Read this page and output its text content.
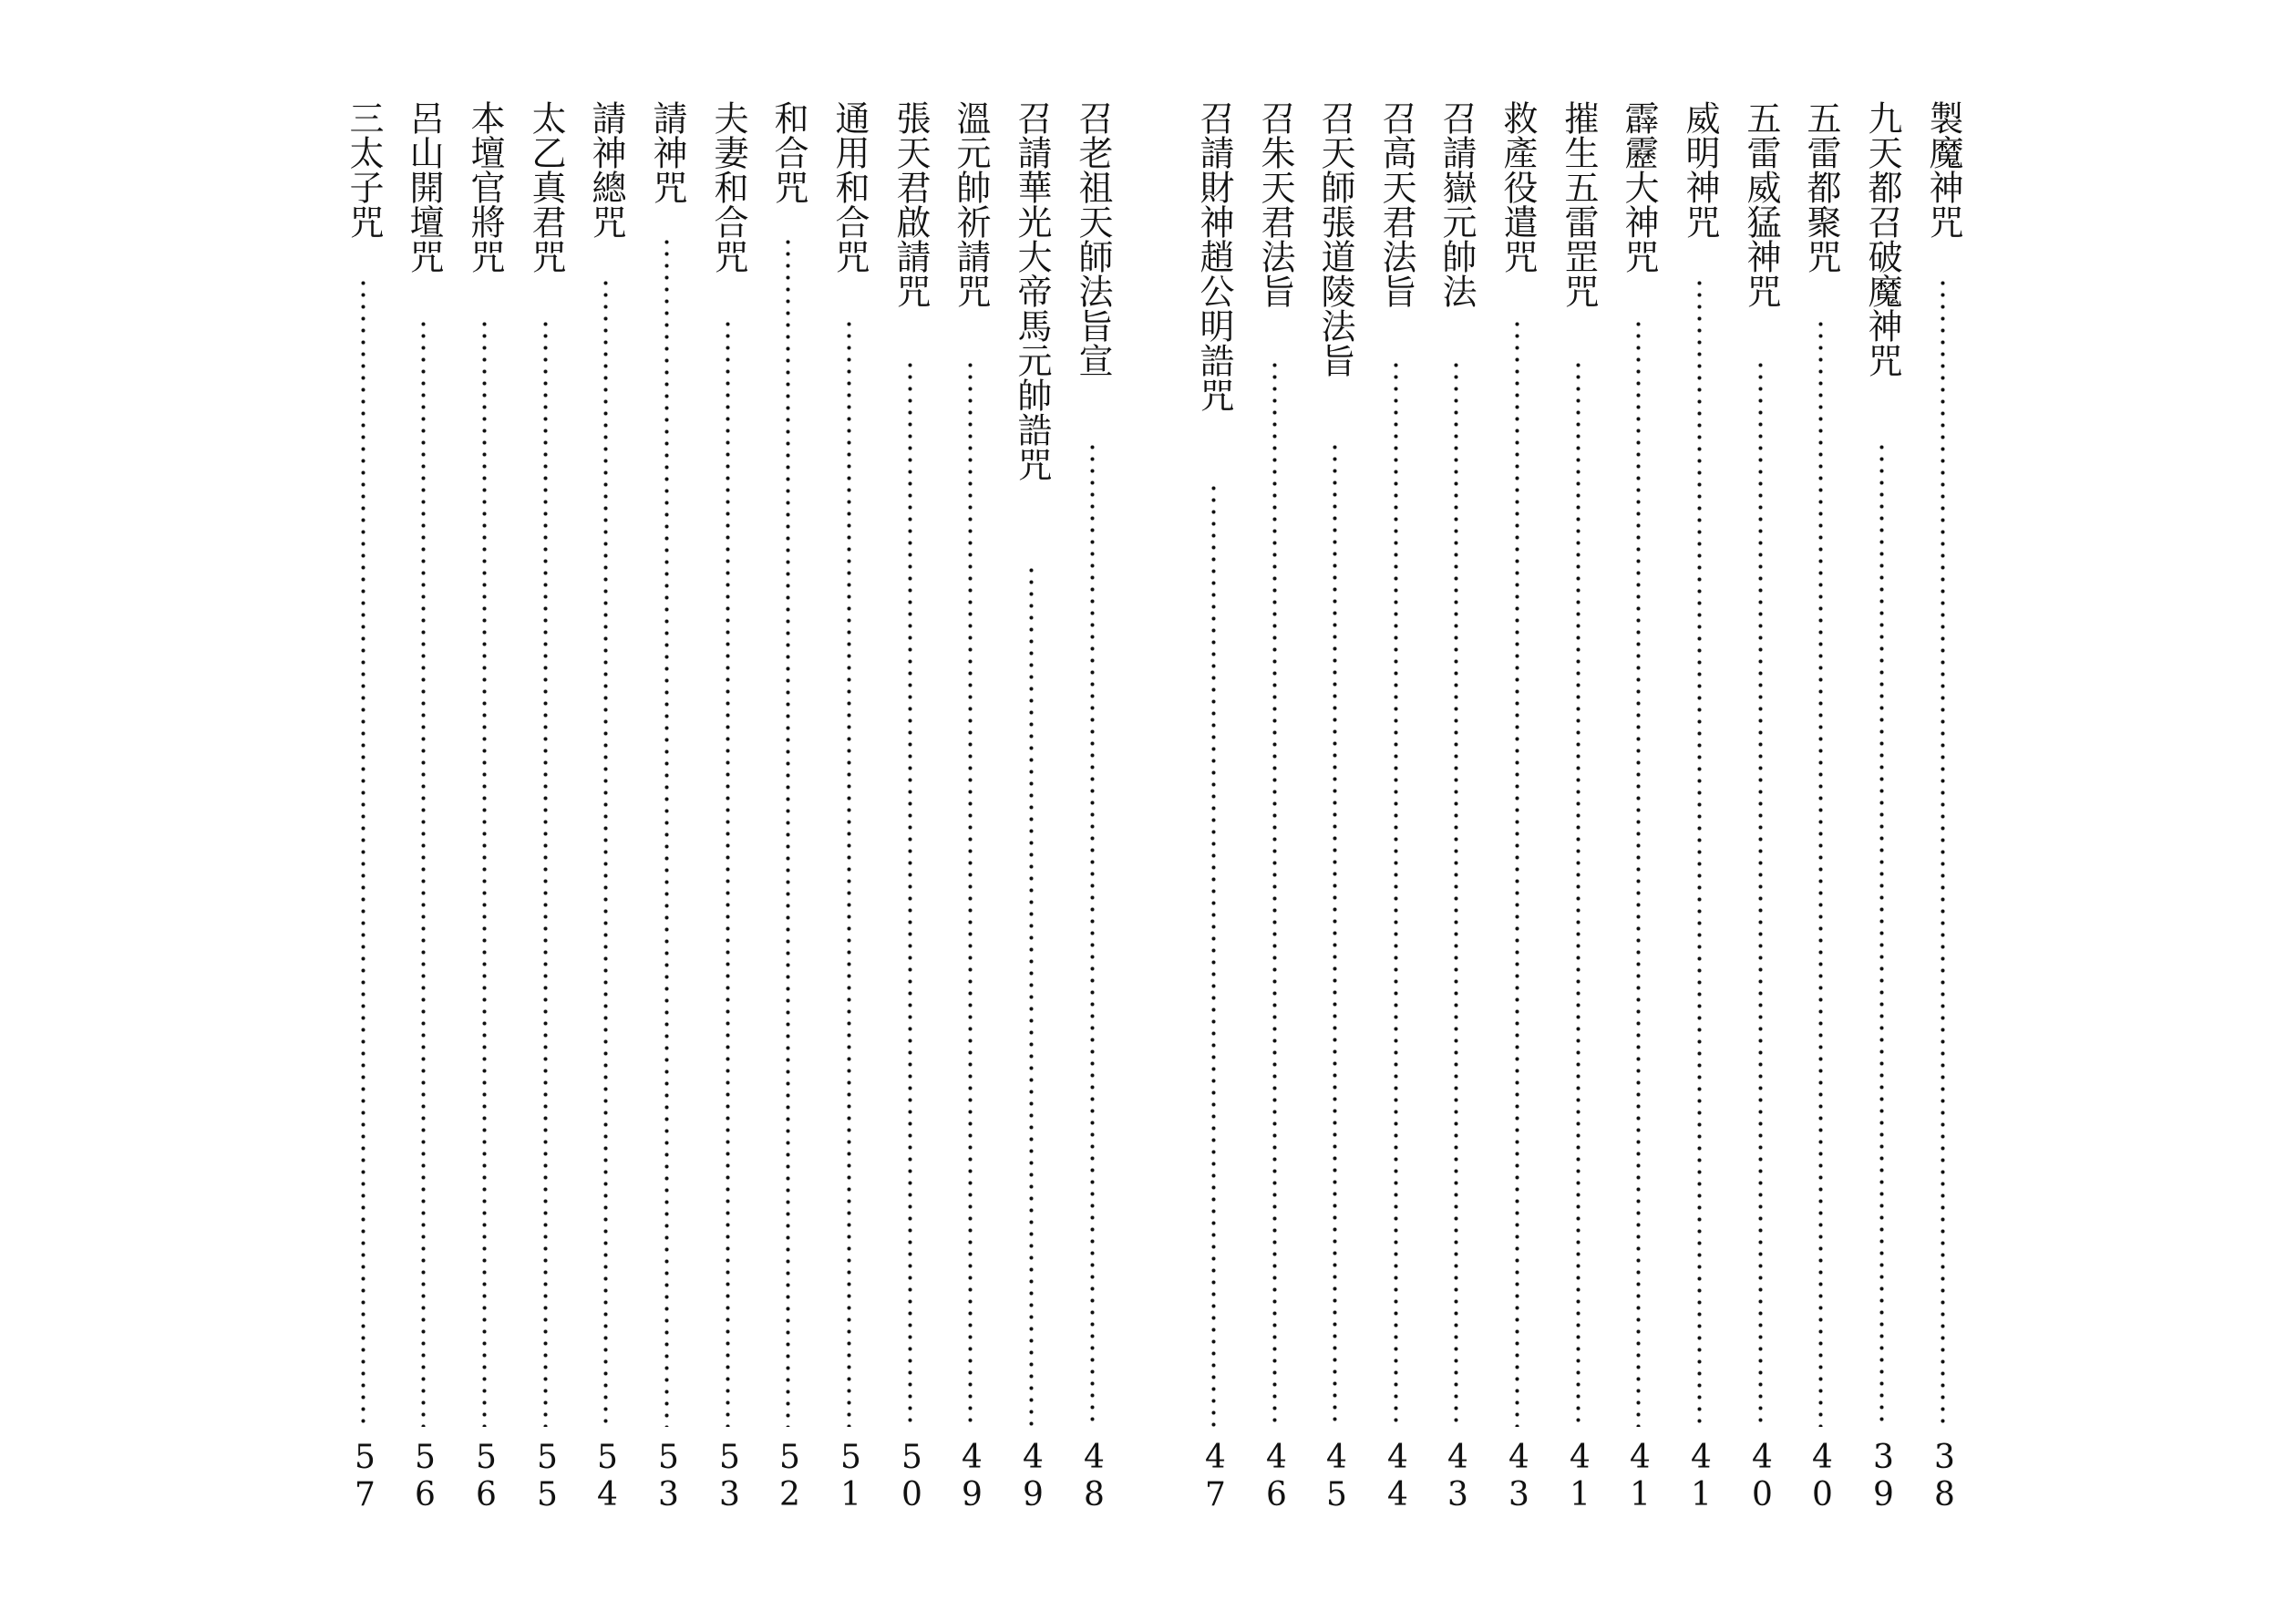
製魔神咒
38
九天都召破魔神咒
39
五雷都聚咒
40
五雷威猛神咒
40
威明神咒
41
霹靂大神咒
41
摧生五雷罡咒
41
救產役遣咒
43
召請嶽元帥法
43
召高天君法旨
44
召天師張道陵法旨
45
召朱天君法旨
46
召請財神趙公明誥咒
47
召老祖天師法旨宣
48
召請華光大帝馬元帥誥咒
49
溫元帥祈請咒
49
張天君啟請咒
50
通用和合咒
51
和合咒
52
夫妻和合咒
53
請神咒
53
請神總咒
54
太乙真君咒
55
本壇官將咒
56
呂山開壇咒
56
三太子咒
57
